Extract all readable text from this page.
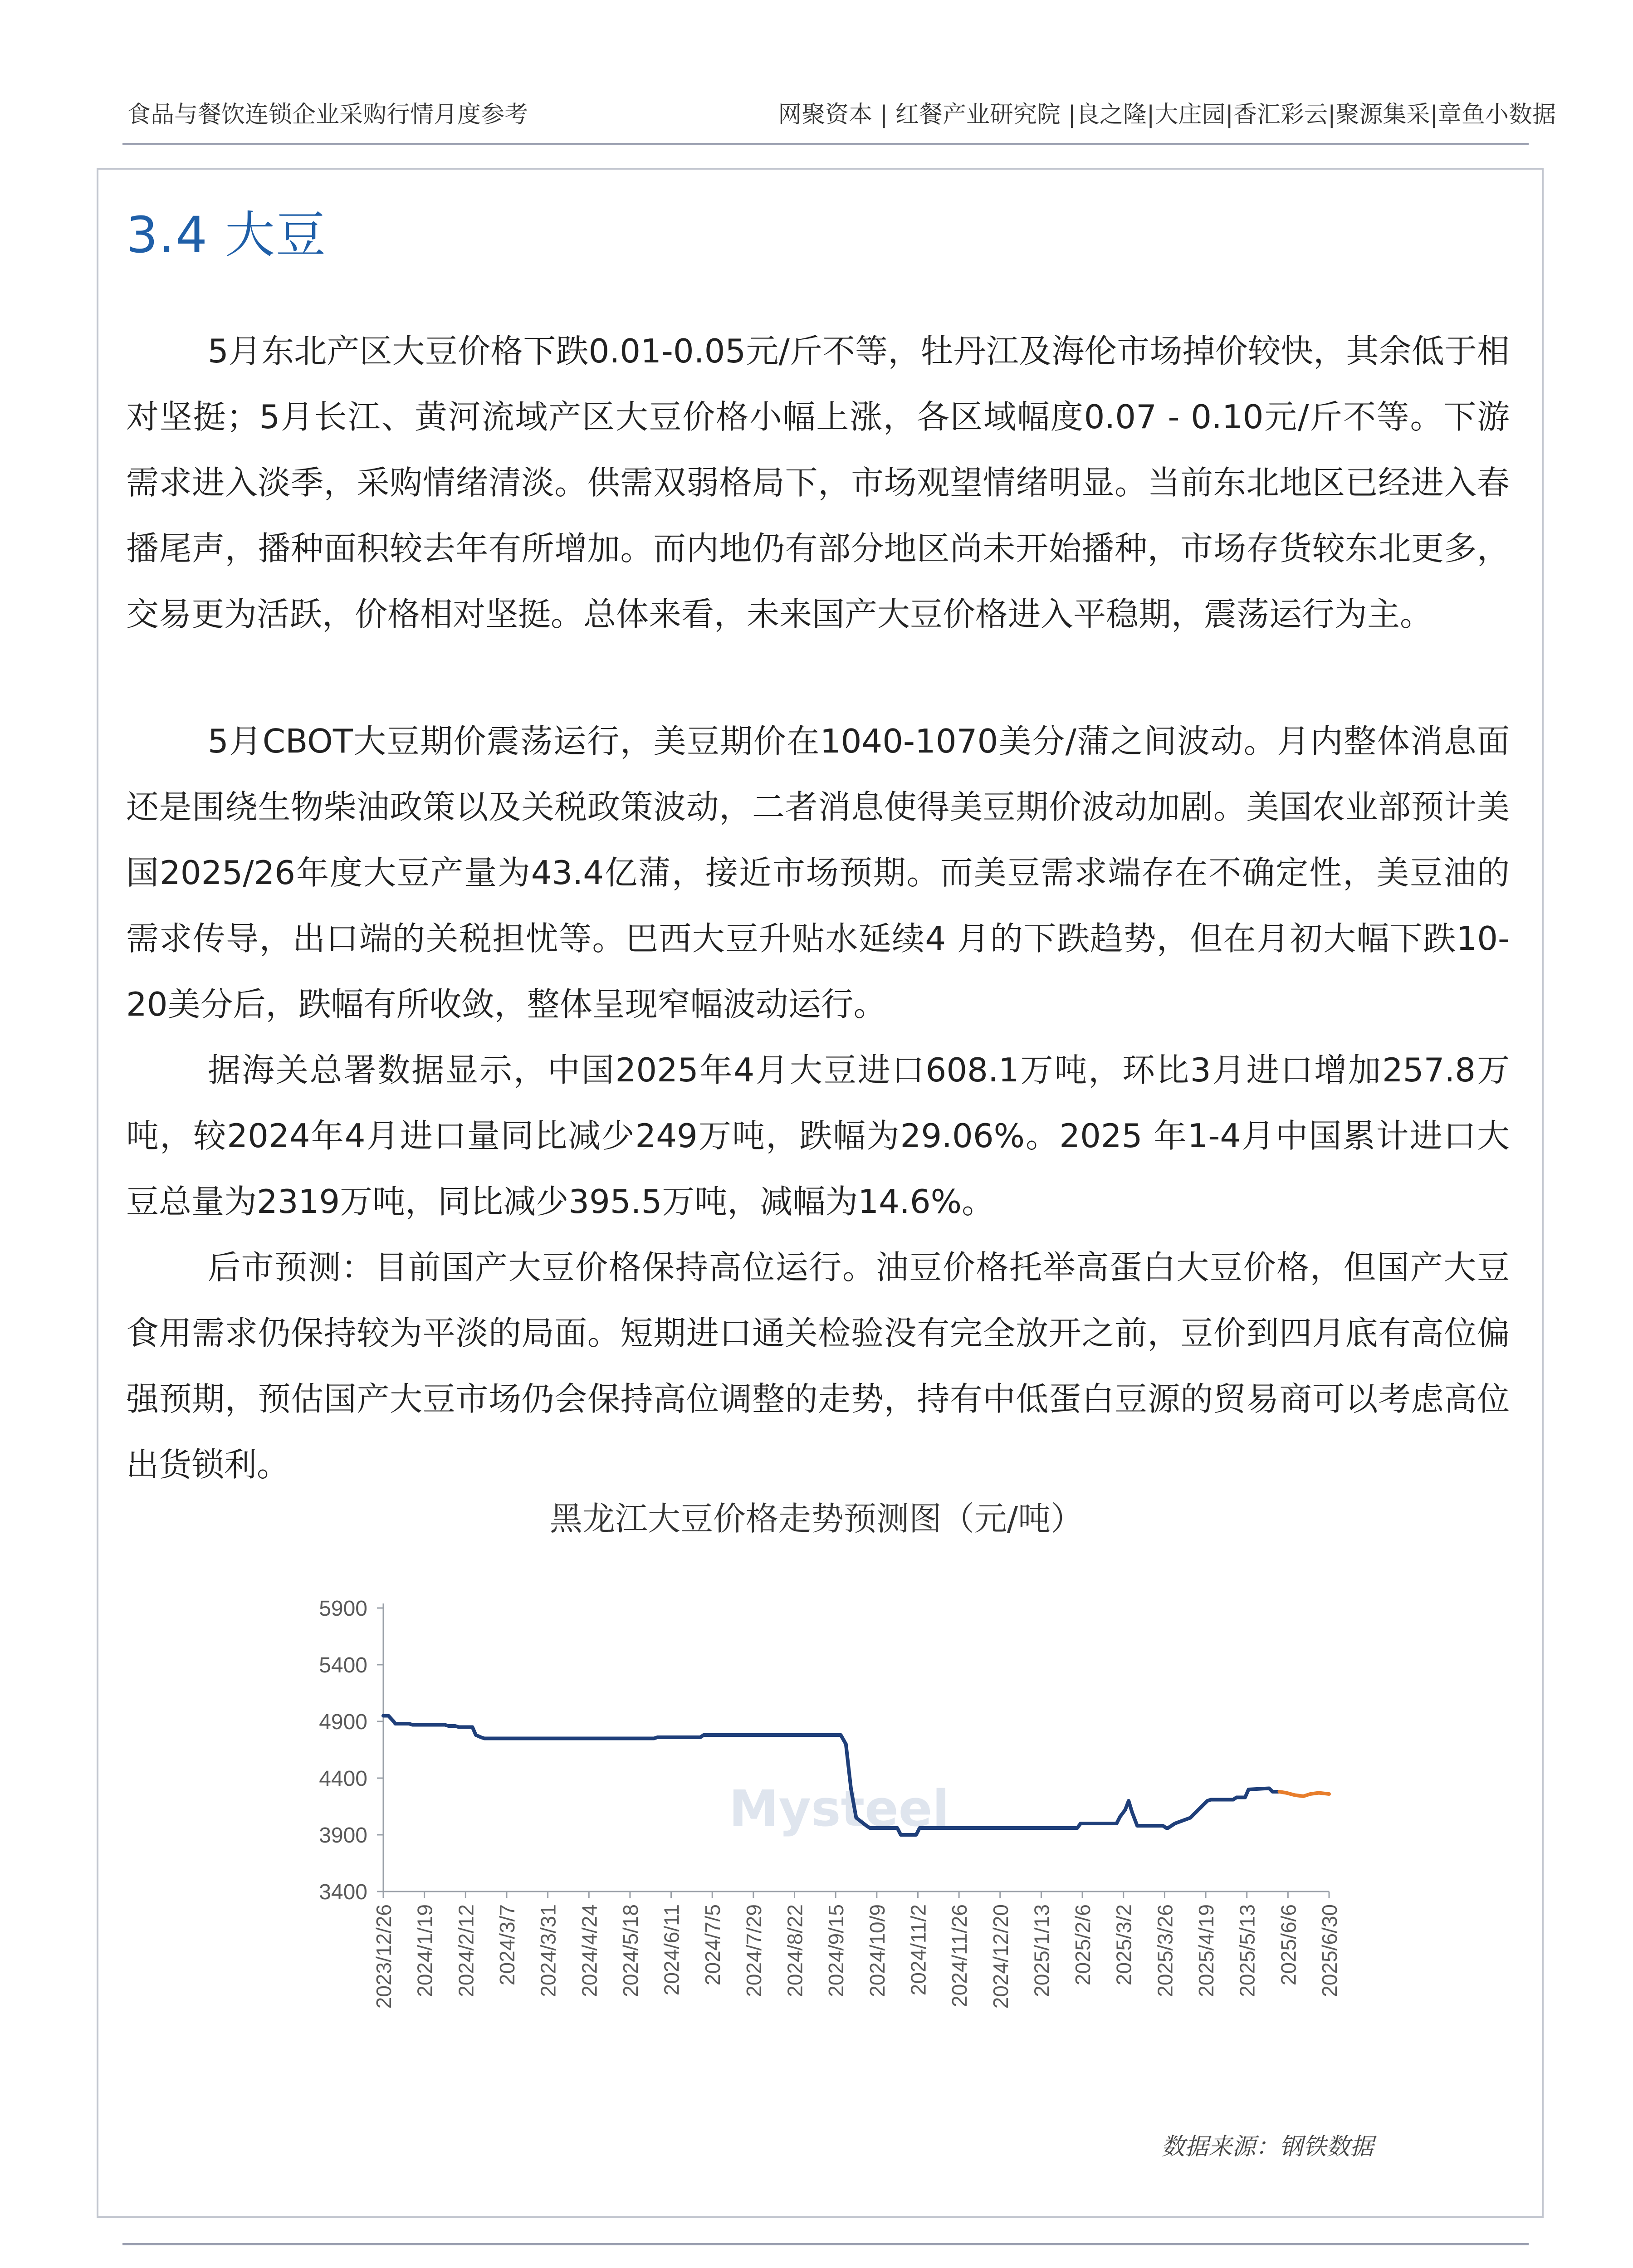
食品与餐饮连锁企业采购行情月度参考	网聚资本 | 红餐产业研究院 |良之隆|大庄园|香汇彩云|聚源集采|章鱼小数据
3.4 大豆

5月东北产区大豆价格下跌0.01-0.05元/斤不等，牡丹江及海伦市场掉价较快，其余低于相对坚挺；5月长江、黄河流域产区大豆价格小幅上涨，各区域幅度0.07 - 0.10元/斤不等。下游需求进入淡季，采购情绪清淡。供需双弱格局下，市场观望情绪明显。当前东北地区已经进入春播尾声，播种面积较去年有所增加。而内地仍有部分地区尚未开始播种，市场存货较东北更多，交易更为活跃，价格相对坚挺。总体来看，未来国产大豆价格进入平稳期，震荡运行为主。

5月CBOT大豆期价震荡运行，美豆期价在1040-1070美分/蒲之间波动。月内整体消息面还是围绕生物柴油政策以及关税政策波动，二者消息使得美豆期价波动加剧。美国农业部预计美国2025/26年度大豆产量为43.4亿蒲，接近市场预期。而美豆需求端存在不确定性，美豆油的需求传导，出口端的关税担忧等。巴西大豆升贴水延续4 月的下跌趋势，但在月初大幅下跌10-20美分后，跌幅有所收敛，整体呈现窄幅波动运行。

据海关总署数据显示，中国2025年4月大豆进口608.1万吨，环比3月进口增加257.8万吨，较2024年4月进口量同比减少249万吨，跌幅为29.06%。2025 年1-4月中国累计进口大豆总量为2319万吨，同比减少395.5万吨，减幅为14.6%。

后市预测：目前国产大豆价格保持高位运行。油豆价格托举高蛋白大豆价格，但国产大豆食用需求仍保持较为平淡的局面。短期进口通关检验没有完全放开之前，豆价到四月底有高位偏强预期，预估国产大豆市场仍会保持高位调整的走势，持有中低蛋白豆源的贸易商可以考虑高位出货锁利。

黑龙江大豆价格走势预测图（元/吨）
Mysteel
5900
5400
4900
4400
3900
3400
2023/12/26 2024/1/19 2024/2/12 2024/3/7 2024/3/31 2024/4/24 2024/5/18 2024/6/11 2024/7/5 2024/7/29 2024/8/22 2024/9/15 2024/10/9 2024/11/2 2024/11/26 2024/12/20 2025/1/13 2025/2/6 2025/3/2 2025/3/26 2025/4/19 2025/5/13 2025/6/6 2025/6/30
数据来源：钢铁数据
